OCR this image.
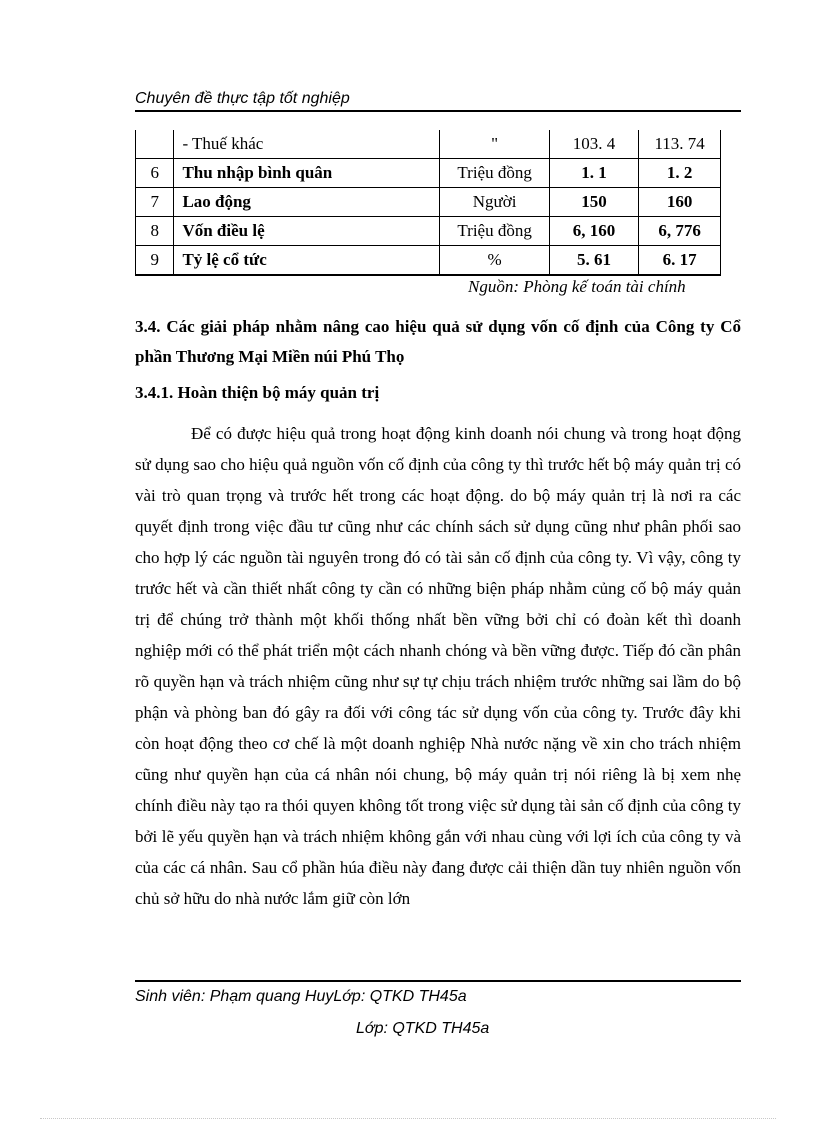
Chuyên đề thực tập tốt nghiệp
	- Thuế khác	"	103. 4	113. 74
6	Thu nhập bình quân	Triệu đồng	1. 1	1. 2
7	Lao động	Người	150	160
8	Vốn điều lệ	Triệu đồng	6, 160	6, 776
9	Tỷ lệ cổ tức	%	5. 61	6. 17
Nguồn: Phòng kế toán tài chính
3.4. Các giải pháp nhằm nâng cao hiệu quả sử dụng vốn cố định của Công ty Cổ phần Thương Mại Miền núi Phú Thọ
3.4.1. Hoàn thiện bộ máy quản trị

Để có được hiệu quả trong hoạt động kinh doanh nói chung và trong hoạt động sử dụng sao cho hiệu quả nguồn vốn cố định của công ty thì trước hết bộ máy quản trị có vài trò quan trọng và trước hết trong các hoạt động. do bộ máy quản trị là nơi ra các quyết định trong việc đầu tư cũng như các chính sách sử dụng cũng như phân phối sao cho hợp lý các nguồn tài nguyên trong đó có tài sản cố định của công ty. Vì vậy, công ty trước hết và cần thiết nhất công ty cần có những biện pháp nhằm củng cố bộ máy quản trị để chúng trở thành một khối thống nhất bền vững bởi chỉ có đoàn kết thì doanh nghiệp mới có thể phát triển một cách nhanh chóng và bền vững được. Tiếp đó cần phân rõ quyền hạn và trách nhiệm cũng như sự tự chịu trách nhiệm trước những sai lầm do bộ phận và phòng ban đó gây ra đối với công tác sử dụng vốn của công ty. Trước đây khi còn hoạt động theo cơ chế là một doanh nghiệp Nhà nước nặng về xin cho trách nhiệm cũng như quyền hạn của cá nhân nói chung, bộ máy quản trị nói riêng là bị xem nhẹ chính điều này tạo ra thói quyen không tốt trong việc sử dụng tài sản cố định của công ty bởi lẽ yếu quyền hạn và trách nhiệm không gắn với nhau cùng với lợi ích của công ty và của các cá nhân. Sau cổ phần húa điều này đang được cải thiện dần tuy nhiên nguồn vốn chủ sở hữu do nhà nước lắm giữ còn lớn

Sinh viên: Phạm quang HuyLớp: QTKD TH45a
Lớp: QTKD TH45a
